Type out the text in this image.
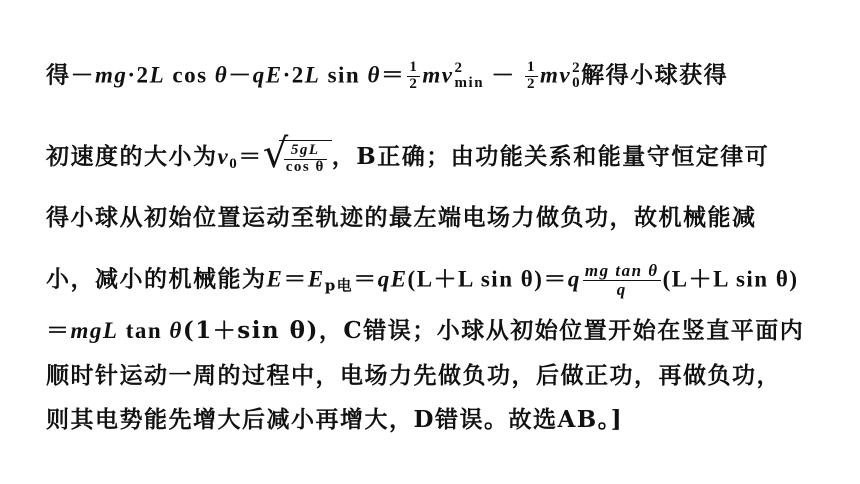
得－mg·2L cos θ－qE·2L $\sin \theta= \frac{1}{2}$ mv 2
$\min - \frac{1}{2}$ mv 2
0 解得小球获得
初速度的大小为$v_0=$ √
$\frac{5gL}{\text{cos θ}}$ ，B正确；由功能关系和能量守恒定律可
得小球从初始位置运动至轨迹的最左端电场力做负功，故机械能减
小，减小的机械能为$E=E_{p电}=qE(L+L$ $\sin \theta)=q \frac{\text{mg tan θ}}{q} (L+L$ sin θ)
＝mgL tan θ(1＋sin θ)，C错误；小球从初始位置开始在竖直平面内
顺时针运动一周的过程中，电场力先做负功，后做正功，再做负功，
则其电势能先增大后减小再增大，D错误。故选AB。]
